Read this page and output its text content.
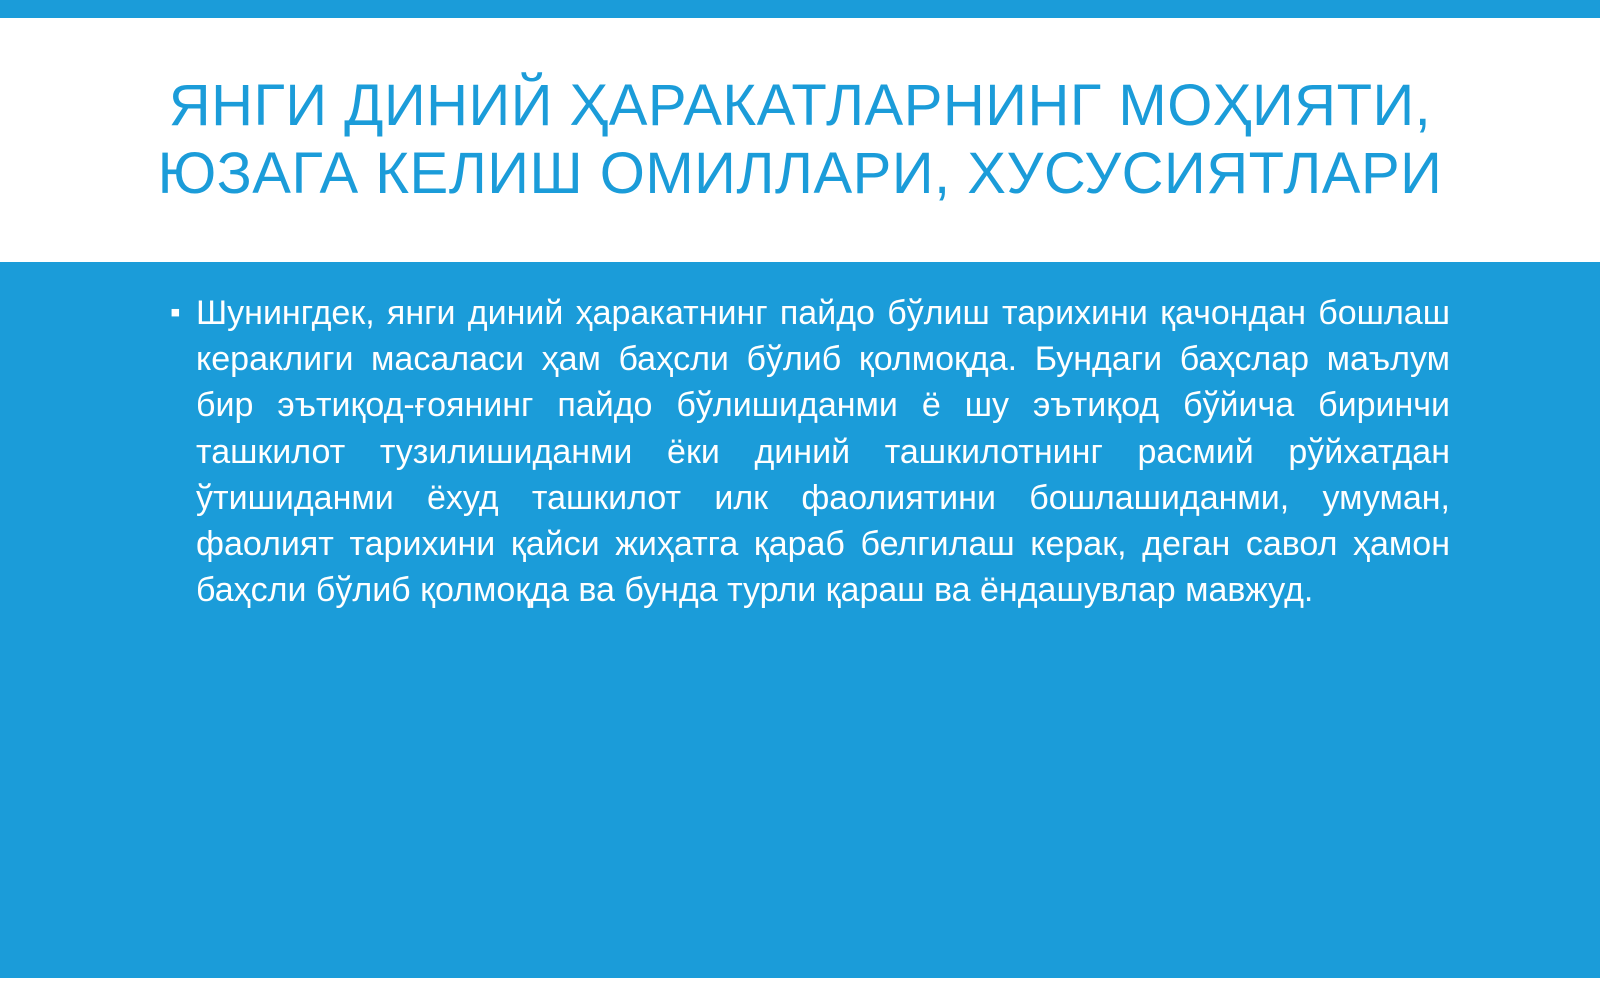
ЯНГИ ДИНИЙ ҲАРАКАТЛАРНИНГ МОҲИЯТИ, ЮЗАГА КЕЛИШ ОМИЛЛАРИ, ХУСУСИЯТЛАРИ
▪ Шунингдек, янги диний ҳаракатнинг пайдо бўлиш тарихини қачондан бошлаш кераклиги масаласи ҳам баҳсли бўлиб қолмоқда. Бундаги баҳслар маълум бир эътиқод-ғоянинг пайдо бўлишиданми ё шу эътиқод бўйича биринчи ташкилот тузилишиданми ёки диний ташкилотнинг расмий рўйхатдан ўтишиданми ёхуд ташкилот илк фаолиятини бошлашиданми, умуман, фаолият тарихини қайси жиҳатга қараб белгилаш керак, деган савол ҳамон баҳсли бўлиб қолмоқда ва бунда турли қараш ва ёндашувлар мавжуд.
